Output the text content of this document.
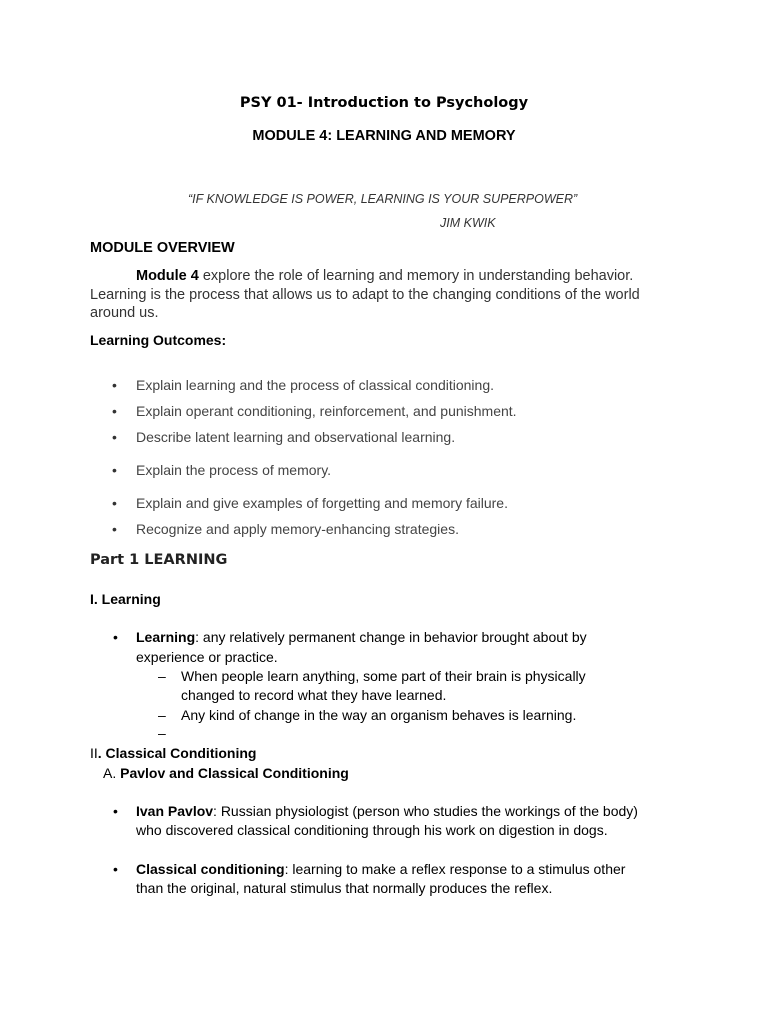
PSY 01- Introduction to Psychology
MODULE 4: LEARNING AND MEMORY
“IF KNOWLEDGE IS POWER, LEARNING IS YOUR SUPERPOWER”
JIM KWIK
MODULE OVERVIEW
Module 4 explore the role of learning and memory in understanding behavior.
Learning is the process that allows us to adapt to the changing conditions of the world
around us.
Learning Outcomes:
• Explain learning and the process of classical conditioning.
• Explain operant conditioning, reinforcement, and punishment.
• Describe latent learning and observational learning.
• Explain the process of memory.
• Explain and give examples of forgetting and memory failure.
• Recognize and apply memory-enhancing strategies.
Part 1 LEARNING
I. Learning
• Learning: any relatively permanent change in behavior brought about by
experience or practice.
– When people learn anything, some part of their brain is physically
changed to record what they have learned.
– Any kind of change in the way an organism behaves is learning.
–
II. Classical Conditioning
A. Pavlov and Classical Conditioning
• Ivan Pavlov: Russian physiologist (person who studies the workings of the body)
who discovered classical conditioning through his work on digestion in dogs.
• Classical conditioning: learning to make a reflex response to a stimulus other
than the original, natural stimulus that normally produces the reflex.
